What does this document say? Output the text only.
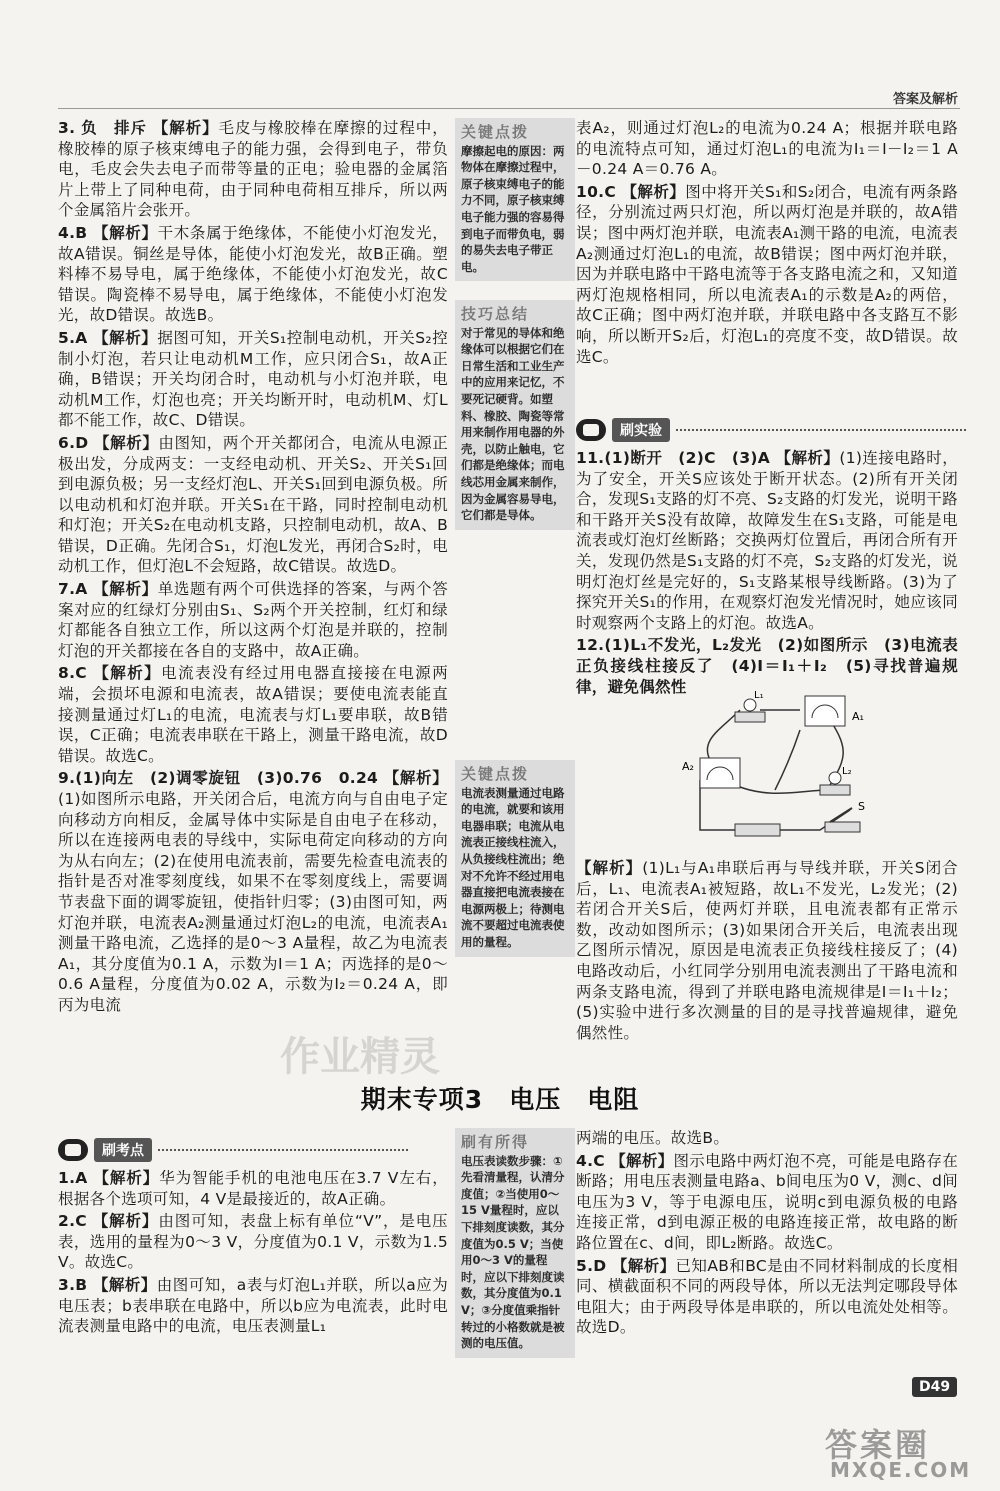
答案及解析

3. 负　排斥 【解析】毛皮与橡胶棒在摩擦的过程中，橡胶棒的原子核束缚电子的能力强，会得到电子，带负电，毛皮会失去电子而带等量的正电；验电器的金属箔片上带上了同种电荷，由于同种电荷相互排斥，所以两个金属箔片会张开。

4.B 【解析】干木条属于绝缘体，不能使小灯泡发光，故A错误。铜丝是导体，能使小灯泡发光，故B正确。塑料棒不易导电，属于绝缘体，不能使小灯泡发光，故C错误。陶瓷棒不易导电，属于绝缘体，不能使小灯泡发光，故D错误。故选B。

5.A 【解析】据图可知，开关S₁控制电动机，开关S₂控制小灯泡，若只让电动机M工作，应只闭合S₁，故A正确，B错误；开关均闭合时，电动机与小灯泡并联，电动机M工作，灯泡也亮；开关均断开时，电动机M、灯L都不能工作，故C、D错误。

6.D 【解析】由图知，两个开关都闭合，电流从电源正极出发，分成两支：一支经电动机、开关S₂、开关S₁回到电源负极；另一支经灯泡L、开关S₁回到电源负极。所以电动机和灯泡并联。开关S₁在干路，同时控制电动机和灯泡；开关S₂在电动机支路，只控制电动机，故A、B错误，D正确。先闭合S₁，灯泡L发光，再闭合S₂时，电动机工作，但灯泡L不会短路，故C错误。故选D。

7.A 【解析】单选题有两个可供选择的答案，与两个答案对应的红绿灯分别由S₁、S₂两个开关控制，红灯和绿灯都能各自独立工作，所以这两个灯泡是并联的，控制灯泡的开关都接在各自的支路中，故A正确。

8.C 【解析】电流表没有经过用电器直接接在电源两端，会损坏电源和电流表，故A错误；要使电流表能直接测量通过灯L₁的电流，电流表与灯L₁要串联，故B错误，C正确；电流表串联在干路上，测量干路电流，故D错误。故选C。

9.(1)向左　(2)调零旋钮　(3)0.76　0.24 【解析】(1)如图所示电路，开关闭合后，电流方向与自由电子定向移动方向相反，金属导体中实际是自由电子在移动，所以在连接两电表的导线中，实际电荷定向移动的方向为从右向左；(2)在使用电流表前，需要先检查电流表的指针是否对准零刻度线，如果不在零刻度线上，需要调节表盘下面的调零旋钮，使指针归零；(3)由图可知，两灯泡并联，电流表A₂测量通过灯泡L₂的电流，电流表A₁测量干路电流，乙选择的是0～3 A量程，故乙为电流表A₁，其分度值为0.1 A，示数为I＝1 A；丙选择的是0～0.6 A量程，分度值为0.02 A，示数为I₂＝0.24 A，即丙为电流

关键点拨
摩擦起电的原因：两物体在摩擦过程中，原子核束缚电子的能力不同，原子核束缚电子能力强的容易得到电子而带负电，弱的易失去电子带正电。
技巧总结
对于常见的导体和绝缘体可以根据它们在日常生活和工业生产中的应用来记忆，不要死记硬背。如塑料、橡胶、陶瓷等常用来制作用电器的外壳，以防止触电，它们都是绝缘体；而电线芯用金属来制作，因为金属容易导电，它们都是导体。
关键点拨
电流表测量通过电路的电流，就要和该用电器串联；电流从电流表正接线柱流入，从负接线柱流出；绝对不允许不经过用电器直接把电流表接在电源两极上；待测电流不要超过电流表使用的量程。

表A₂，则通过灯泡L₂的电流为0.24 A；根据并联电路的电流特点可知，通过灯泡L₁的电流为I₁＝I－I₂＝1 A－0.24 A＝0.76 A。

10.C 【解析】图中将开关S₁和S₂闭合，电流有两条路径，分别流过两只灯泡，所以两灯泡是并联的，故A错误；图中两灯泡并联，电流表A₁测干路的电流，电流表A₂测通过灯泡L₁的电流，故B错误；图中两灯泡并联，因为并联电路中干路电流等于各支路电流之和，又知道两灯泡规格相同，所以电流表A₁的示数是A₂的两倍，故C正确；图中两灯泡并联，并联电路中各支路互不影响，所以断开S₂后，灯泡L₁的亮度不变，故D错误。故选C。

刷实验

11.(1)断开　(2)C　(3)A 【解析】(1)连接电路时，为了安全，开关S应该处于断开状态。(2)所有开关闭合，发现S₁支路的灯不亮、S₂支路的灯发光，说明干路和干路开关S没有故障，故障发生在S₁支路，可能是电流表或灯泡灯丝断路；交换两灯位置后，再闭合所有开关，发现仍然是S₁支路的灯不亮，S₂支路的灯发光，说明灯泡灯丝是完好的，S₁支路某根导线断路。(3)为了探究开关S₁的作用，在观察灯泡发光情况时，她应该同时观察两个支路上的灯泡。故选A。

12.(1)L₁不发光，L₂发光　(2)如图所示　(3)电流表正负接线柱接反了　(4)I＝I₁＋I₂　(5)寻找普遍规律，避免偶然性	L₁
A₁
A₂	L₂
S

【解析】(1)L₁与A₁串联后再与导线并联，开关S闭合后，L₁、电流表A₁被短路，故L₁不发光，L₂发光；(2)若闭合开关S后，使两灯并联，且电流表都有正常示数，改动如图所示；(3)如果闭合开关后，电流表出现乙图所示情况，原因是电流表正负接线柱接反了；(4)电路改动后，小红同学分别用电流表测出了干路电流和两条支路电流，得到了并联电路电流规律是I＝I₁＋I₂；(5)实验中进行多次测量的目的是寻找普遍规律，避免偶然性。

期末专项3　电压　电阻
刷考点

1.A 【解析】华为智能手机的电池电压在3.7 V左右，根据各个选项可知，4 V是最接近的，故A正确。

2.C 【解析】由图可知，表盘上标有单位“V”，是电压表，选用的量程为0～3 V，分度值为0.1 V，示数为1.5 V。故选C。

3.B 【解析】由图可知，a表与灯泡L₁并联，所以a应为电压表；b表串联在电路中，所以b应为电流表，此时电流表测量电路中的电流，电压表测量L₁

刷有所得
电压表读数步骤：①先看清量程，认清分度值；②当使用0～15 V量程时，应以下排刻度读数，其分度值为0.5 V；当使用0～3 V的量程时，应以下排刻度读数，其分度值为0.1 V；③分度值乘指针转过的小格数就是被测的电压值。

两端的电压。故选B。

4.C 【解析】图示电路中两灯泡不亮，可能是电路存在断路；用电压表测量电路a、b间电压为0 V，测c、d间电压为3 V，等于电源电压，说明c到电源负极的电路连接正常，d到电源正极的电路连接正常，故电路的断路位置在c、d间，即L₂断路。故选C。

5.D 【解析】已知AB和BC是由不同材料制成的长度相同、横截面积不同的两段导体，所以无法判定哪段导体电阻大；由于两段导体是串联的，所以电流处处相等。故选D。

D49
作业精灵
答案圈
MXQE.COM
